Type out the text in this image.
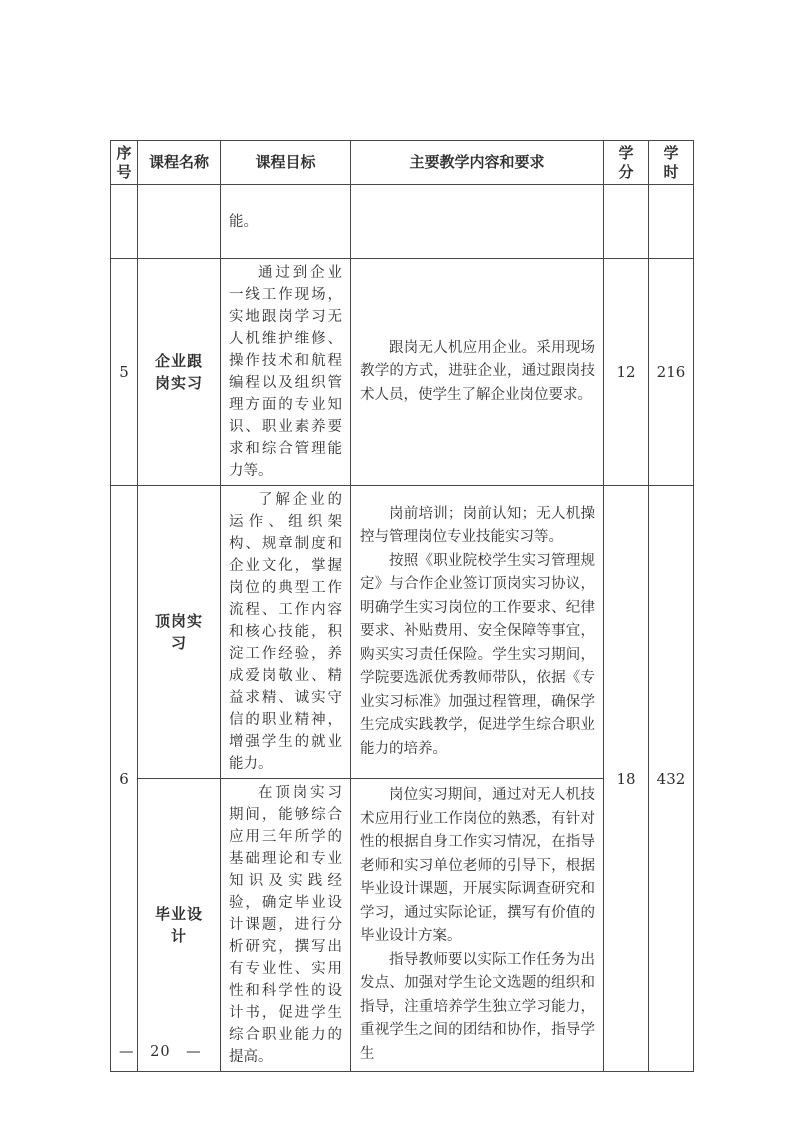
序号	课程名称	课程目标	主要教学内容和要求	学分	学时
		能。			
5	企业跟岗实习	通过到企业一线工作现场，实地跟岗学习无人机维护维修、操作技术和航程编程以及组织管理方面的专业知识、职业素养要求和综合管理能力等。	跟岗无人机应用企业。采用现场教学的方式，进驻企业，通过跟岗技术人员，使学生了解企业岗位要求。	12	216
6	顶岗实习	了解企业的运作、组织架构、规章制度和企业文化，掌握岗位的典型工作流程、工作内容和核心技能，积淀工作经验，养成爱岗敬业、精益求精、诚实守信的职业精神，增强学生的就业能力。	岗前培训；岗前认知；无人机操控与管理岗位专业技能实习等。
按照《职业院校学生实习管理规定》与合作企业签订顶岗实习协议，明确学生实习岗位的工作要求、纪律要求、补贴费用、安全保障等事宜，购买实习责任保险。学生实习期间，学院要选派优秀教师带队，依据《专业实习标准》加强过程管理，确保学生完成实践教学，促进学生综合职业能力的培养。	18	432
	毕业设计	在顶岗实习期间，能够综合应用三年所学的基础理论和专业知识及实践经验，确定毕业设计课题，进行分析研究，撰写出有专业性、实用性和科学性的设计书，促进学生综合职业能力的提高。	岗位实习期间，通过对无人机技术应用行业工作岗位的熟悉，有针对性的根据自身工作实习情况，在指导老师和实习单位老师的引导下，根据毕业设计课题，开展实际调查研究和学习，通过实际论证，撰写有价值的毕业设计方案。
指导教师要以实际工作任务为出发点、加强对学生论文选题的组织和指导，注重培养学生独立学习能力，重视学生之间的团结和协作，指导学生		
— 20 —
